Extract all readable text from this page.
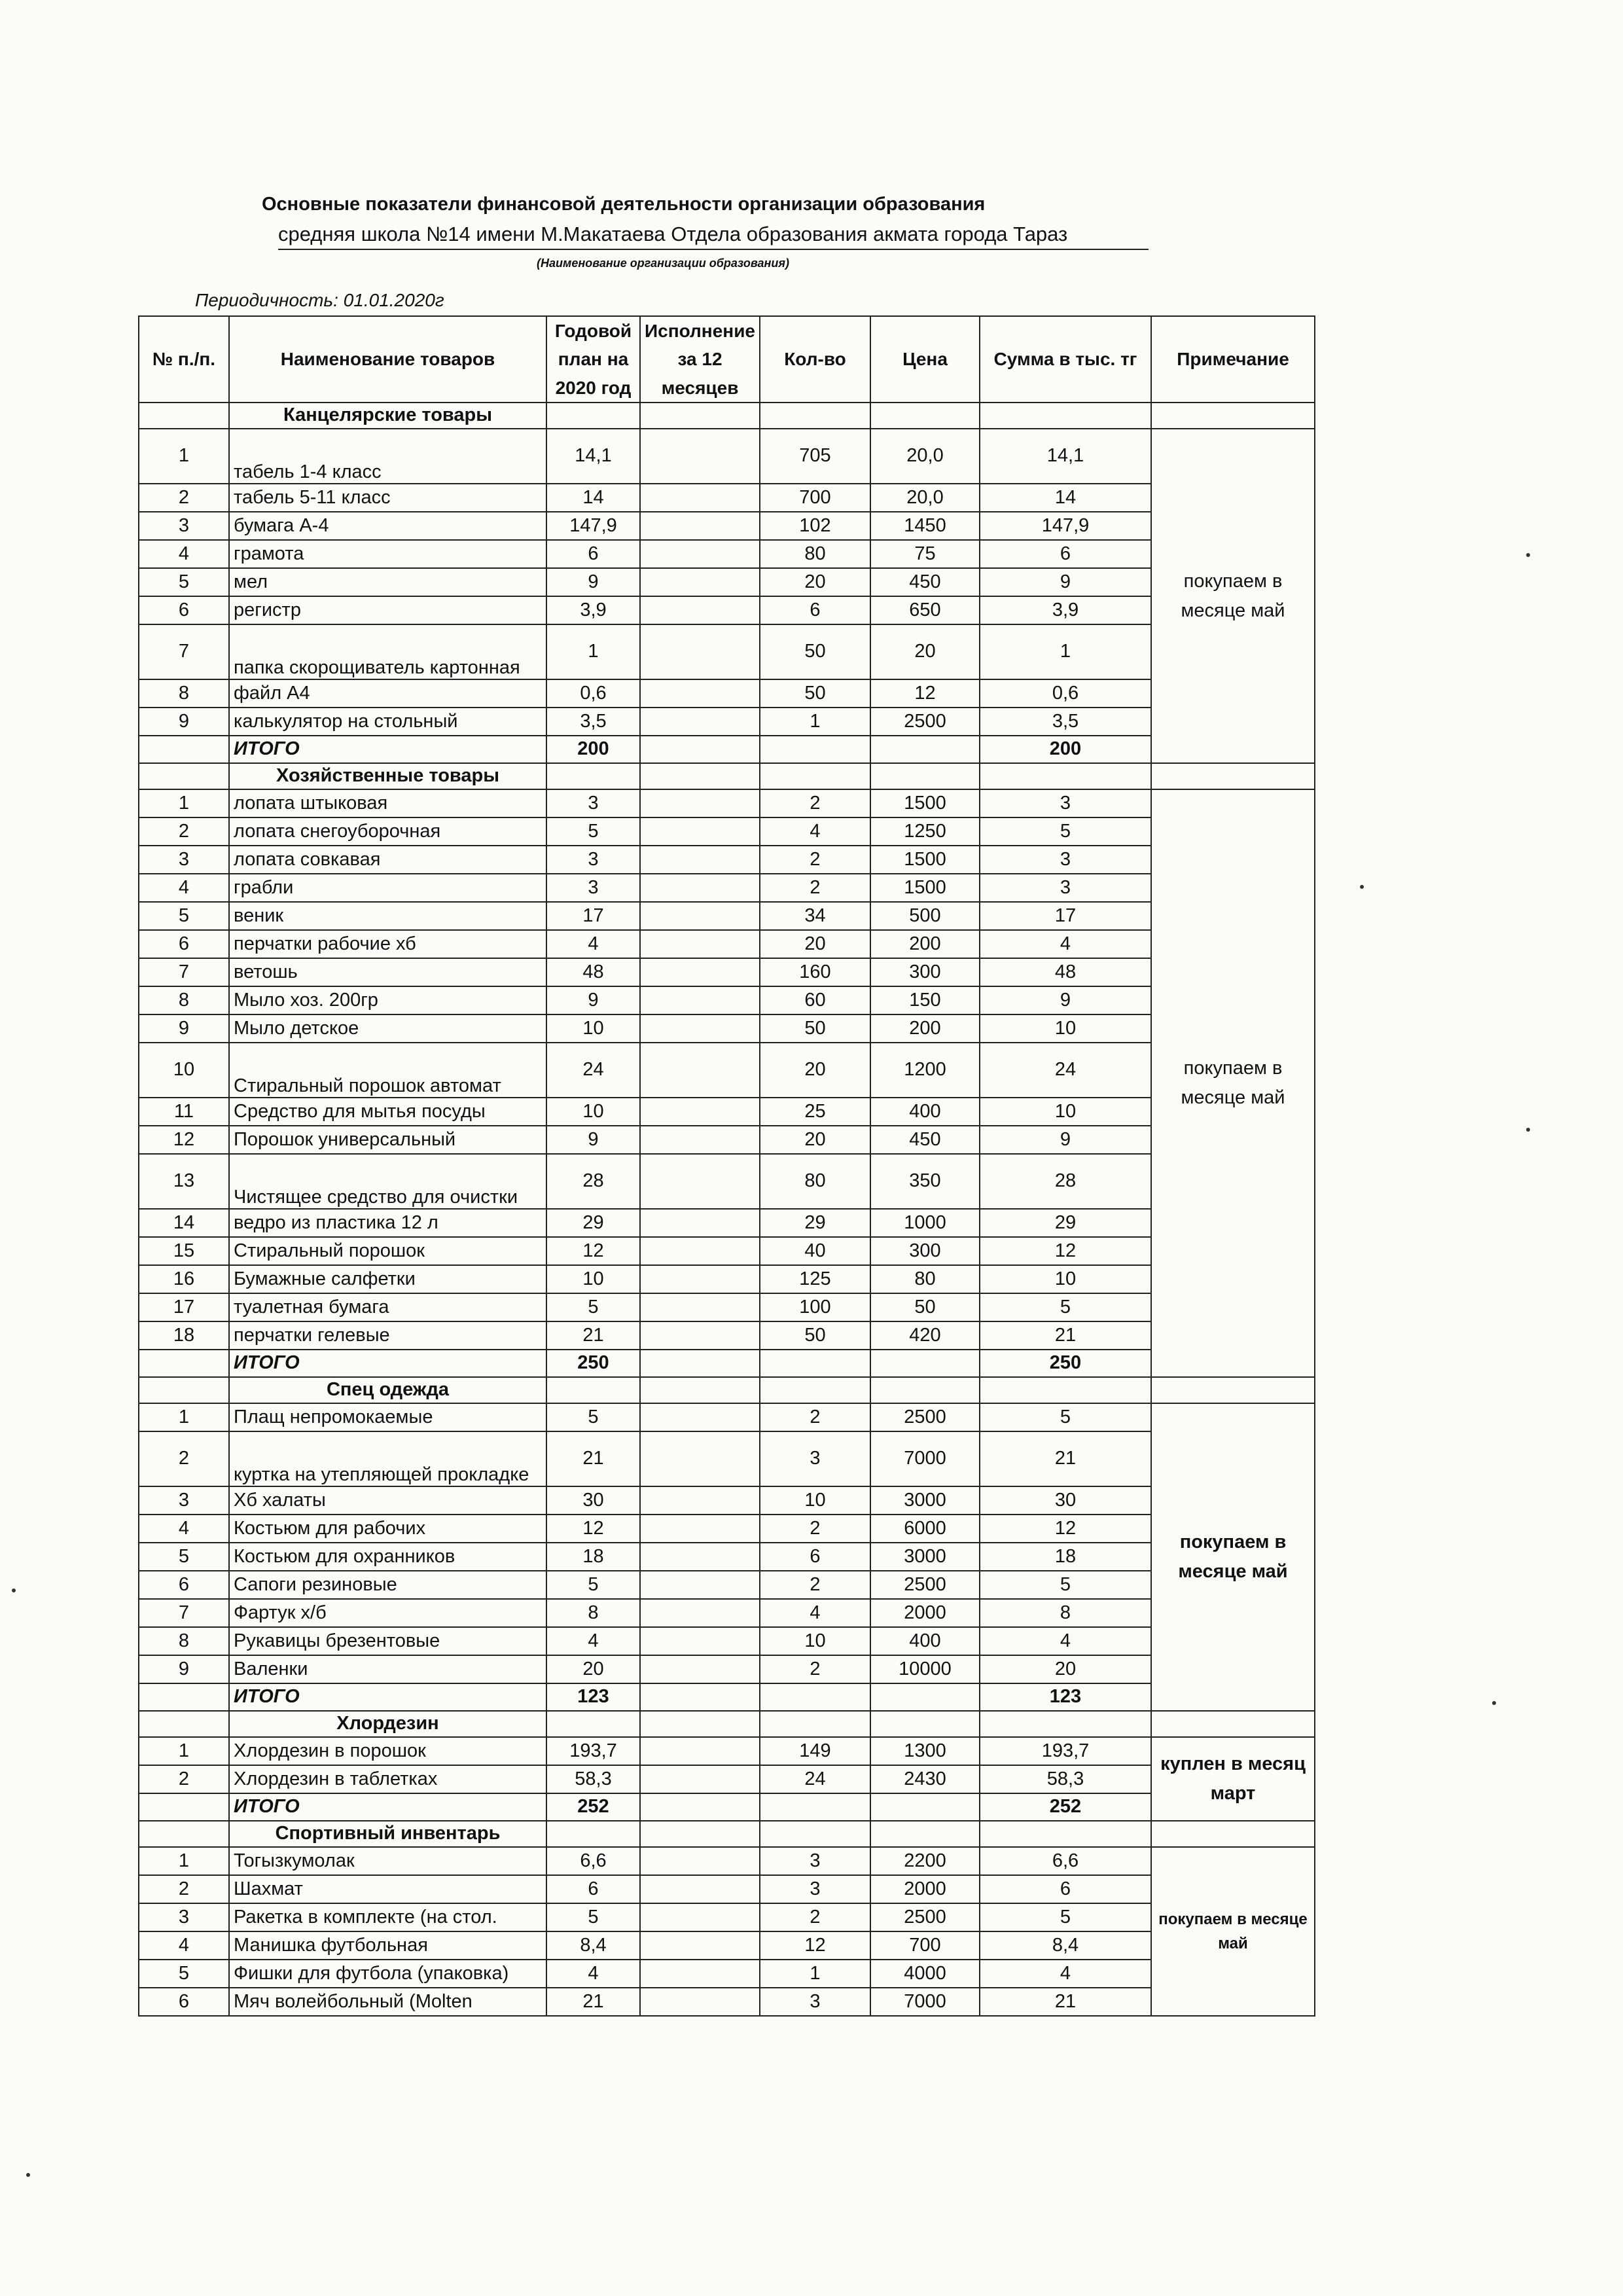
Основные показатели финансовой деятельности организации образования
средняя школа №14 имени М.Макатаева Отдела образования акмата города Тараз
(Наименование организации образования)
Периодичность: 01.01.2020г
№ п./п.	Наименование товаров	Годовой план на 2020 год	Исполнение за 12 месяцев	Кол-во	Цена	Сумма в тыс. тг	Примечание
	Канцелярские товары						
1	табель 1-4 класс	14,1		705	20,0	14,1	покупаем в месяце май
2	табель 5-11 класс	14		700	20,0	14	
3	бумага А-4	147,9		102	1450	147,9	
4	грамота	6		80	75	6	
5	мел	9		20	450	9	
6	регистр	3,9		6	650	3,9	
7	папка скорощиватель картонная	1		50	20	1	
8	файл А4	0,6		50	12	0,6	
9	калькулятор на стольный	3,5		1	2500	3,5	
	ИТОГО	200				200	
	Хозяйственные товары						
1	лопата штыковая	3		2	1500	3	покупаем в месяце май
2	лопата снегоуборочная	5		4	1250	5	
3	лопата совкавая	3		2	1500	3	
4	грабли	3		2	1500	3	
5	веник	17		34	500	17	
6	перчатки рабочие хб	4		20	200	4	
7	ветошь	48		160	300	48	
8	Мыло хоз. 200гр	9		60	150	9	
9	Мыло детское	10		50	200	10	
10	Стиральный порошок автомат	24		20	1200	24	
11	Средство для мытья посуды	10		25	400	10	
12	Порошок универсальный	9		20	450	9	
13	Чистящее средство для очистки	28		80	350	28	
14	ведро из пластика 12 л	29		29	1000	29	
15	Стиральный порошок	12		40	300	12	
16	Бумажные салфетки	10		125	80	10	
17	туалетная бумага	5		100	50	5	
18	перчатки гелевые	21		50	420	21	
	ИТОГО	250				250	
	Спец одежда						
1	Плащ непромокаемые	5		2	2500	5	покупаем в месяце май
2	куртка на утепляющей прокладке	21		3	7000	21	
3	Хб халаты	30		10	3000	30	
4	Костьюм для рабочих	12		2	6000	12	
5	Костьюм для охранников	18		6	3000	18	
6	Сапоги резиновые	5		2	2500	5	
7	Фартук х/б	8		4	2000	8	
8	Рукавицы брезентовые	4		10	400	4	
9	Валенки	20		2	10000	20	
	ИТОГО	123				123	
	Хлордезин						
1	Хлордезин в порошок	193,7		149	1300	193,7	куплен в месяц март
2	Хлордезин в таблетках	58,3		24	2430	58,3	
	ИТОГО	252				252	
	Спортивный инвентарь						
1	Тогызкумолак	6,6		3	2200	6,6	покупаем в месяце май
2	Шахмат	6		3	2000	6	
3	Ракетка в комплекте (на стол.	5		2	2500	5	
4	Манишка футбольная	8,4		12	700	8,4	
5	Фишки для футбола (упаковка)	4		1	4000	4	
6	Мяч волейбольный (Molten	21		3	7000	21	
